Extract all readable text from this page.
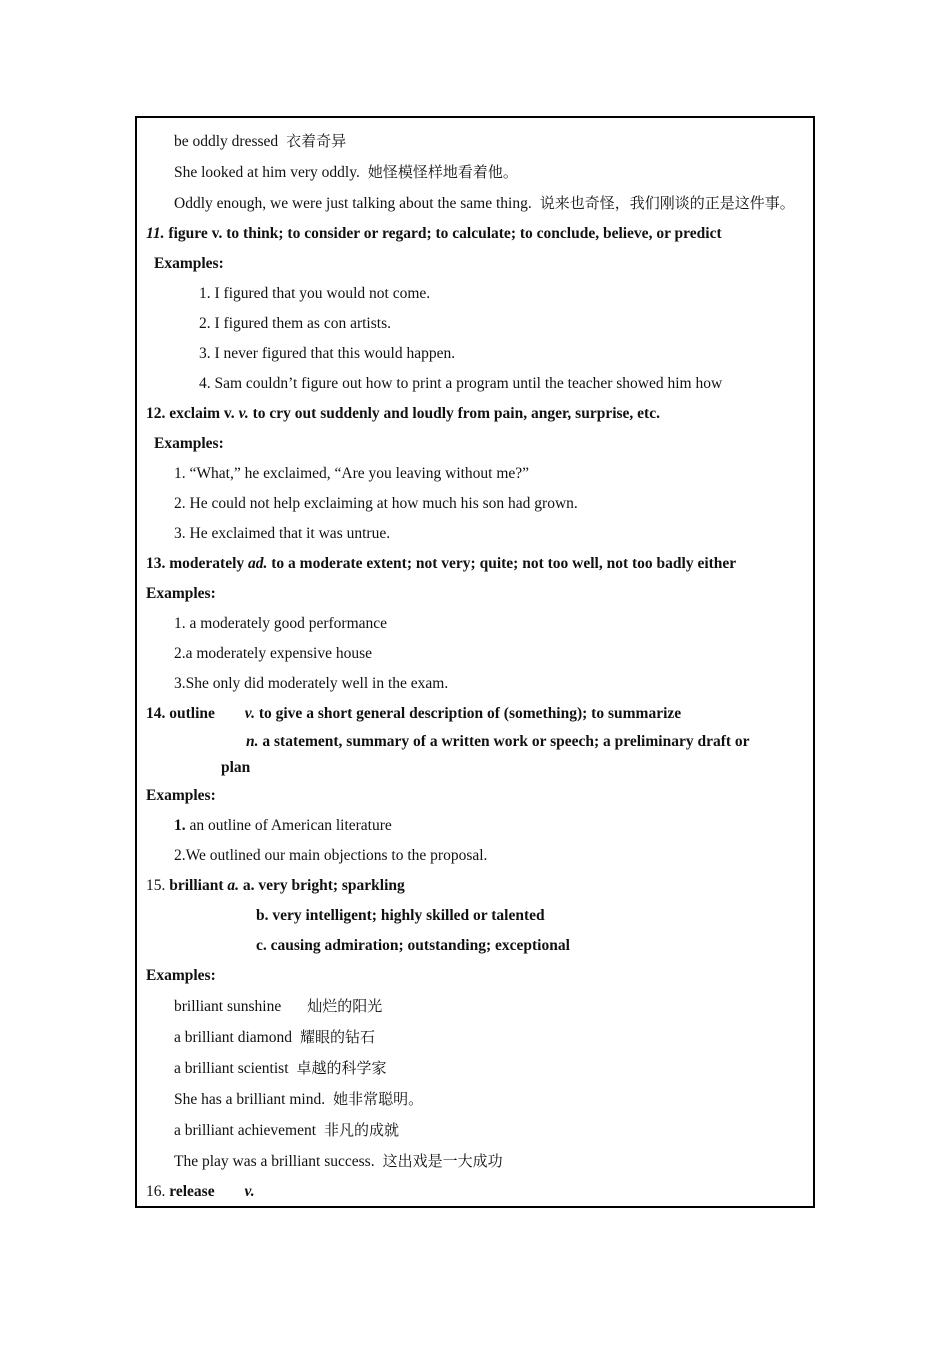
be oddly dressed 衣着奇异
She looked at him very oddly. 她怪模怪样地看着他。
Oddly enough, we were just talking about the same thing. 说来也奇怪，我们刚谈的正是这件事。
11. figure v. to think; to consider or regard; to calculate; to conclude, believe, or predict
Examples:
1. I figured that you would not come.
2. I figured them as con artists.
3. I never figured that this would happen.
4. Sam couldn’t figure out how to print a program until the teacher showed him how
12. exclaim v. v. to cry out suddenly and loudly from pain, anger, surprise, etc.
Examples:
1. “What,” he exclaimed, “Are you leaving without me?”
2. He could not help exclaiming at how much his son had grown.
3. He exclaimed that it was untrue.
13. moderately ad. to a moderate extent; not very; quite; not too well, not too badly either
Examples:
1. a moderately good performance
2.a moderately expensive house
3.She only did moderately well in the exam.
14. outline v. to give a short general description of (something); to summarize
n. a statement, summary of a written work or speech; a preliminary draft or
plan
Examples:
1. an outline of American literature
2.We outlined our main objections to the proposal.
15. brilliant a. a. very bright; sparkling
b. very intelligent; highly skilled or talented
c. causing admiration; outstanding; exceptional
Examples:
brilliant sunshine 灿烂的阳光
a brilliant diamond 耀眼的钻石
a brilliant scientist 卓越的科学家
She has a brilliant mind. 她非常聪明。
a brilliant achievement 非凡的成就
The play was a brilliant success. 这出戏是一大成功
16. release v.
